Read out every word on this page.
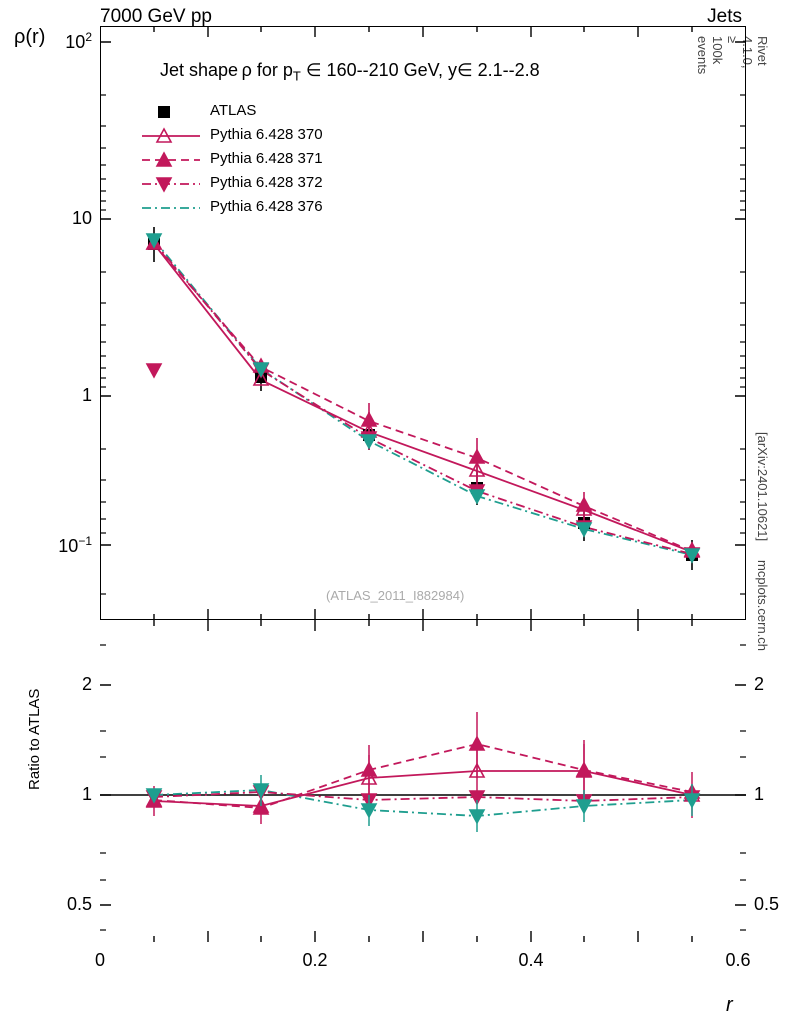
7000 GeV pp	Jets
Rivet 4.1.0, ≥ 100k events
[arXiv:2401.10621]
mcplots.cern.ch
ρ(r)	$10^2$
10
1
$10^{-1}$
2
1
0.5
2
1
0.5
0	0.2	0.4	0.6
r
Ratio to ATLAS
Jet shape ρ for $p_T$ ∈ 160--210 GeV, y∈ 2.1--2.8
(ATLAS_2011_I882984)
ATLAS
Pythia 6.428 370
Pythia 6.428 371
Pythia 6.428 372
Pythia 6.428 376
